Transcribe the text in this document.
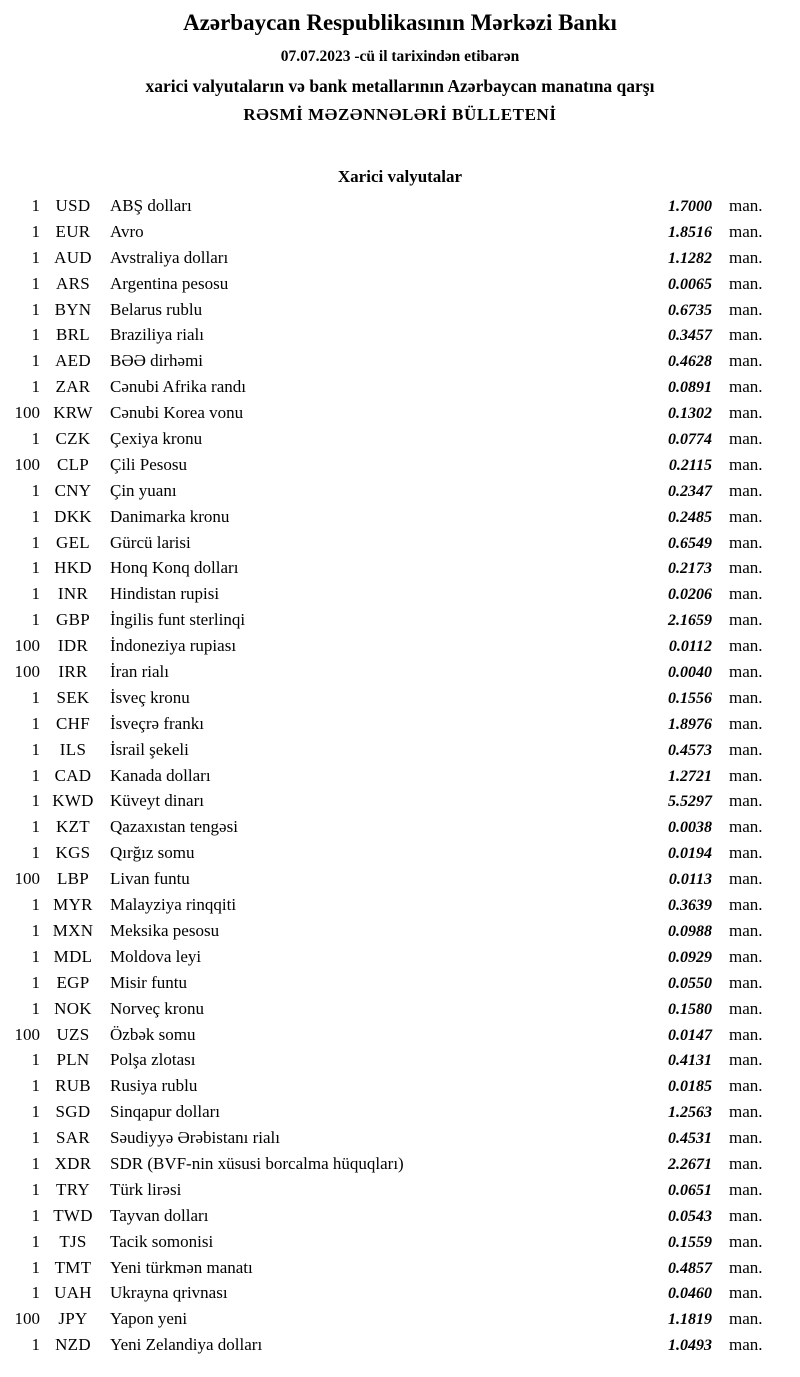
Azərbaycan Respublikasının Mərkəzi Bankı
07.07.2023 -cü il tarixindən etibarən
xarici valyutaların və bank metallarının Azərbaycan manatına qarşı
RƏSMİ MƏZƏNNƏLƏRİ BÜLLETENİ
Xarici valyutalar
1 USD	ABŞ dolları	1.7000	man.
1 EUR	Avro	1.8516	man.
1 AUD	Avstraliya dolları	1.1282	man.
1 ARS	Argentina pesosu	0.0065	man.
1 BYN	Belarus rublu	0.6735	man.
1 BRL	Braziliya rialı	0.3457	man.
1 AED	BƏƏ dirhəmi	0.4628	man.
1 ZAR	Cənubi Afrika randı	0.0891	man.
100 KRW	Cənubi Korea vonu	0.1302	man.
1 CZK	Çexiya kronu	0.0774	man.
100 CLP	Çili Pesosu	0.2115	man.
1 CNY	Çin yuanı	0.2347	man.
1 DKK	Danimarka kronu	0.2485	man.
1 GEL	Gürcü larisi	0.6549	man.
1 HKD	Honq Konq dolları	0.2173	man.
1	INR	Hindistan rupisi	0.0206	man.
1 GBP	İngilis funt sterlinqi	2.1659	man.
100	IDR	İndoneziya rupiası	0.0112	man.
100	IRR	İran rialı	0.0040	man.
1 SEK	İsveç kronu	0.1556	man.
1 CHF	İsveçrə frankı	1.8976	man.
1	ILS	İsrail şekeli	0.4573	man.
1 CAD	Kanada dolları	1.2721	man.
1 KWD Küveyt dinarı	5.5297	man.
1 KZT	Qazaxıstan tengəsi	0.0038	man.
1 KGS	Qırğız somu	0.0194	man.
100 LBP	Livan funtu	0.0113	man.
1 MYR	Malayziya rinqqiti	0.3639	man.
1 MXN Meksika pesosu	0.0988	man.
1 MDL	Moldova leyi	0.0929	man.
1 EGP	Misir funtu	0.0550	man.
1 NOK	Norveç kronu	0.1580	man.
100 UZS	Özbək somu	0.0147	man.
1 PLN	Polşa zlotası	0.4131	man.
1 RUB	Rusiya rublu	0.0185	man.
1 SGD	Sinqapur dolları	1.2563	man.
1 SAR	Səudiyyə Ərəbistanı rialı	0.4531	man.
1 XDR	SDR (BVF-nin xüsusi borcalma hüquqları)	2.2671	man.
1 TRY	Türk lirəsi	0.0651	man.
1 TWD	Tayvan dolları	0.0543	man.
1	TJS	Tacik somonisi	0.1559	man.
1 TMT	Yeni türkmən manatı	0.4857	man.
1 UAH	Ukrayna qrivnası	0.0460	man.
100	JPY	Yapon yeni	1.1819	man.
1 NZD	Yeni Zelandiya dolları	1.0493	man.
